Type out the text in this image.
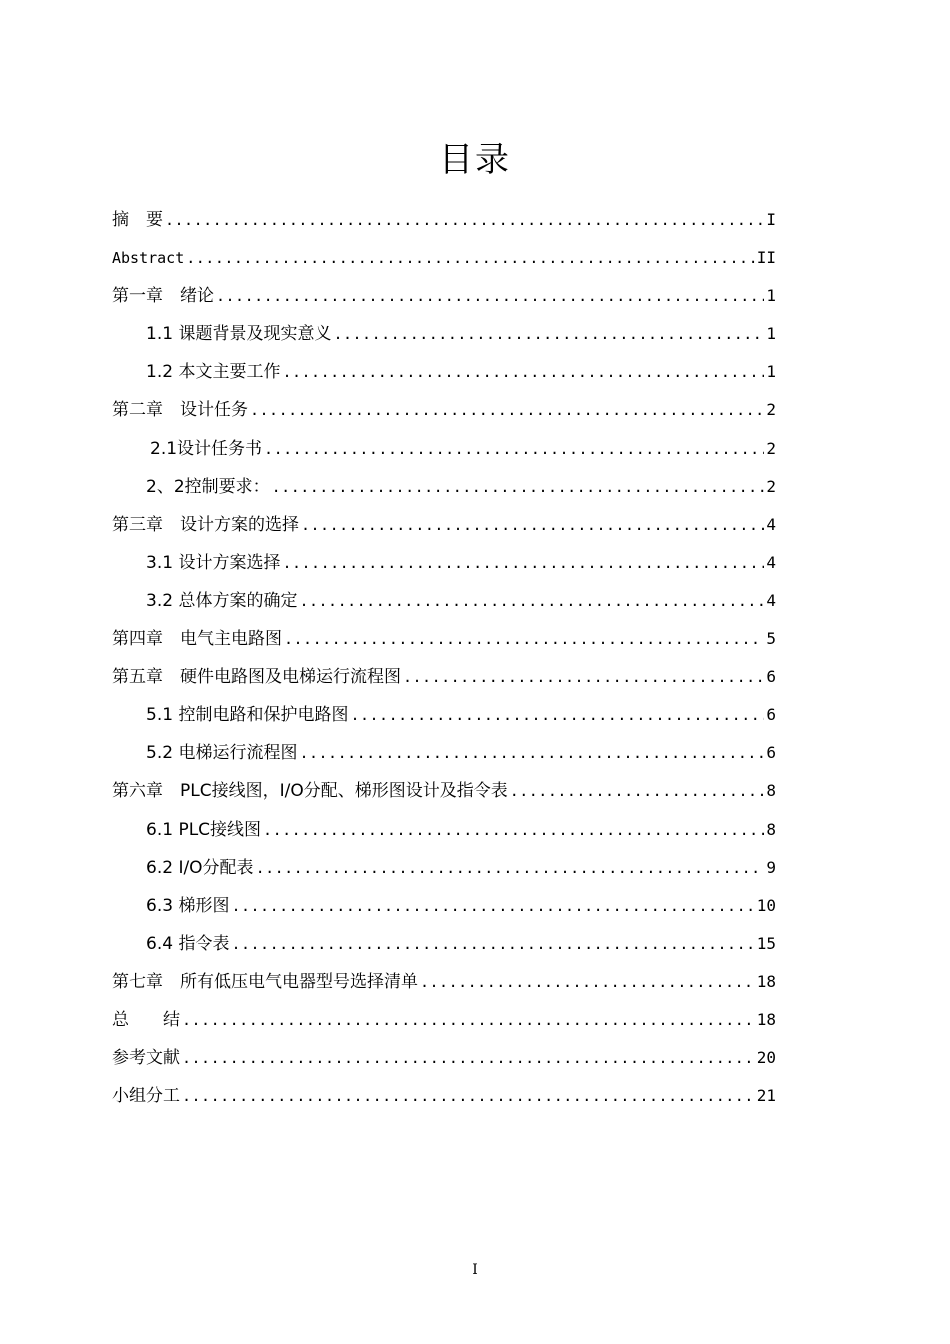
目录
摘　要 .....	I
Abstract .....	II
第一章　绪论 .....	1
1.1 课题背景及现实意义 .....	1
1.2 本文主要工作 .....	1
第二章　设计任务 .....	2
2.1设计任务书 .....	2
2、2控制要求： .....	2
第三章　设计方案的选择 .....	4
3.1 设计方案选择 .....	4
3.2 总体方案的确定 .....	4
第四章　电气主电路图 .....	5
第五章　硬件电路图及电梯运行流程图 .....	6
5.1 控制电路和保护电路图 .....	6
5.2 电梯运行流程图 .....	6
第六章　PLC接线图，I/O分配、梯形图设计及指令表 .....	8
6.1 PLC接线图 .....	8
6.2 I/O分配表 .....	9
6.3 梯形图 .....	10
6.4 指令表 .....	15
第七章　所有低压电气电器型号选择清单 .....	18
总　　结 .....	18
参考文献 .....	20
小组分工 .....	21
I
